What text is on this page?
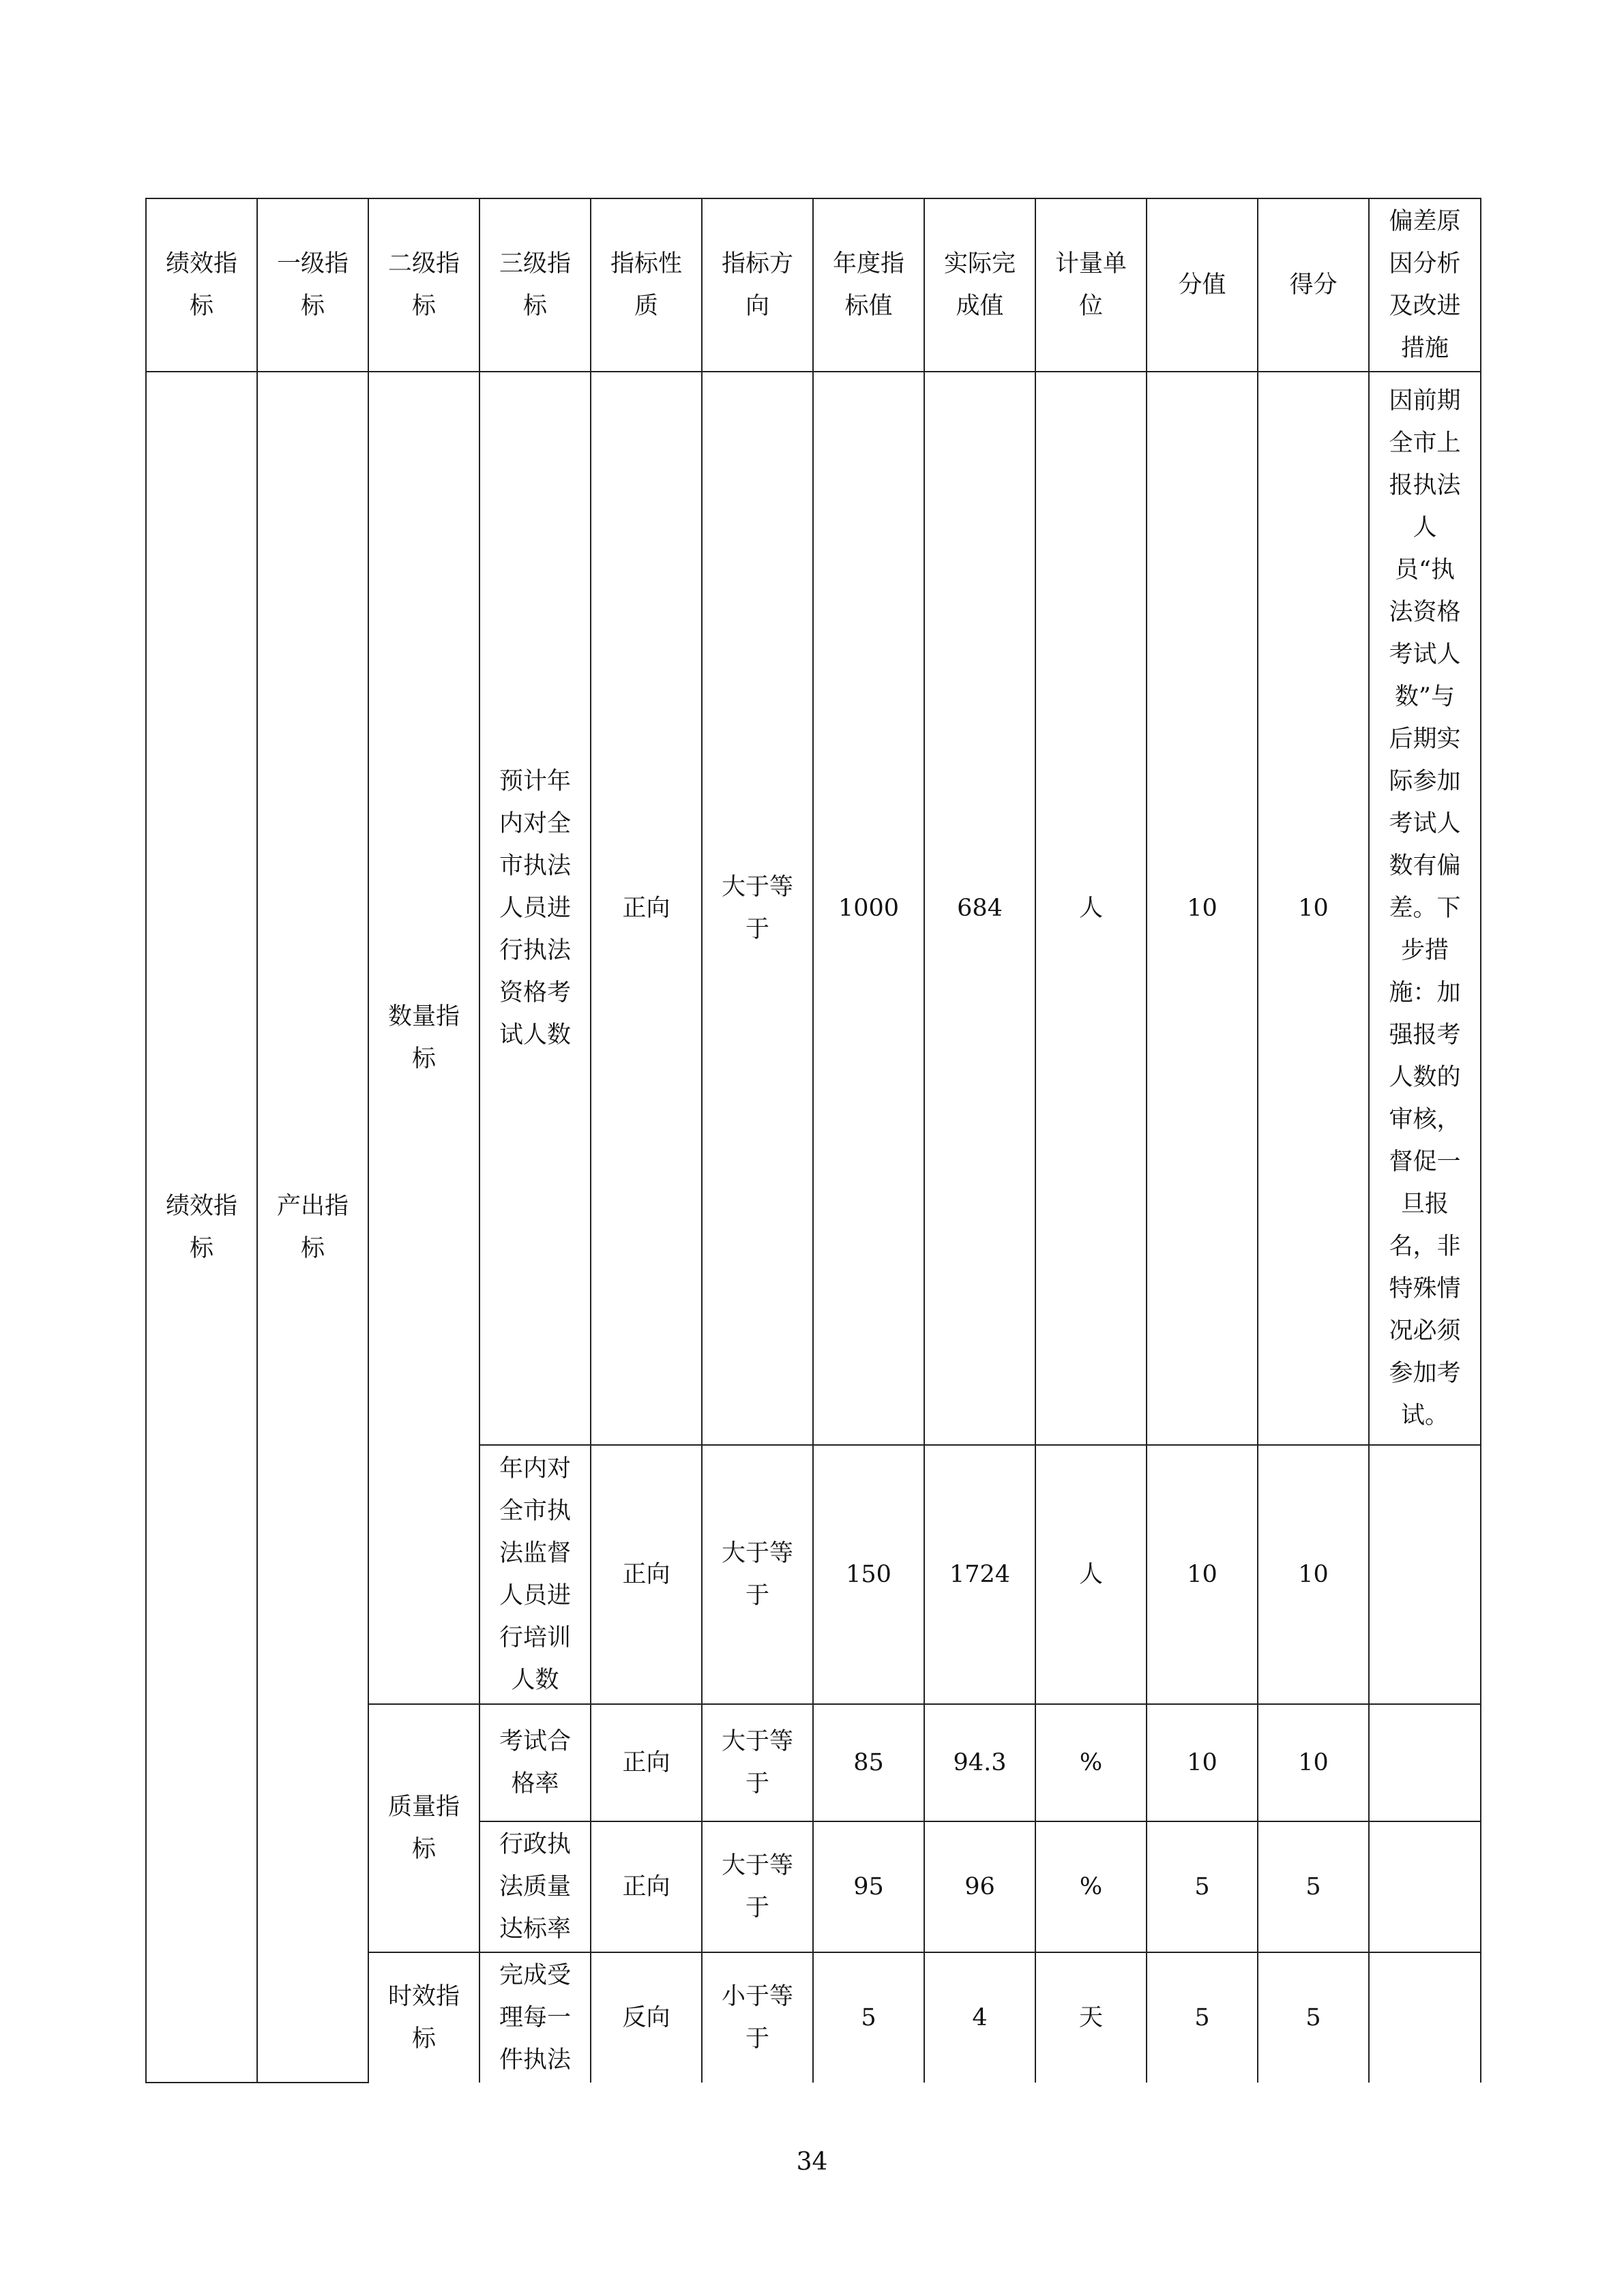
绩效指标	一级指标	二级指标	三级指标	指标性质	指标方向	年度指标值	实际完成值	计量单位	分值	得分	偏差原因分析及改进措施
绩效指标	产出指标	数量指标	预计年内对全市执法人员进行执法资格考试人数	正向	大于等于	1000	684	人	10	10	因前期全市上报执法人员“执法资格考试人数”与后期实际参加考试人数有偏差。下步措施：加强报考人数的审核，督促一旦报名，非特殊情况必须参加考试。
			年内对全市执法监督人员进行培训人数	正向	大于等于	150	1724	人	10	10	
		质量指标	考试合格率	正向	大于等于	85	94.3	%	10	10	
			行政执法质量达标率	正向	大于等于	95	96	%	5	5	
		时效指标	完成受理每一件执法	反向	小于等于	5	4	天	5	5	
34
